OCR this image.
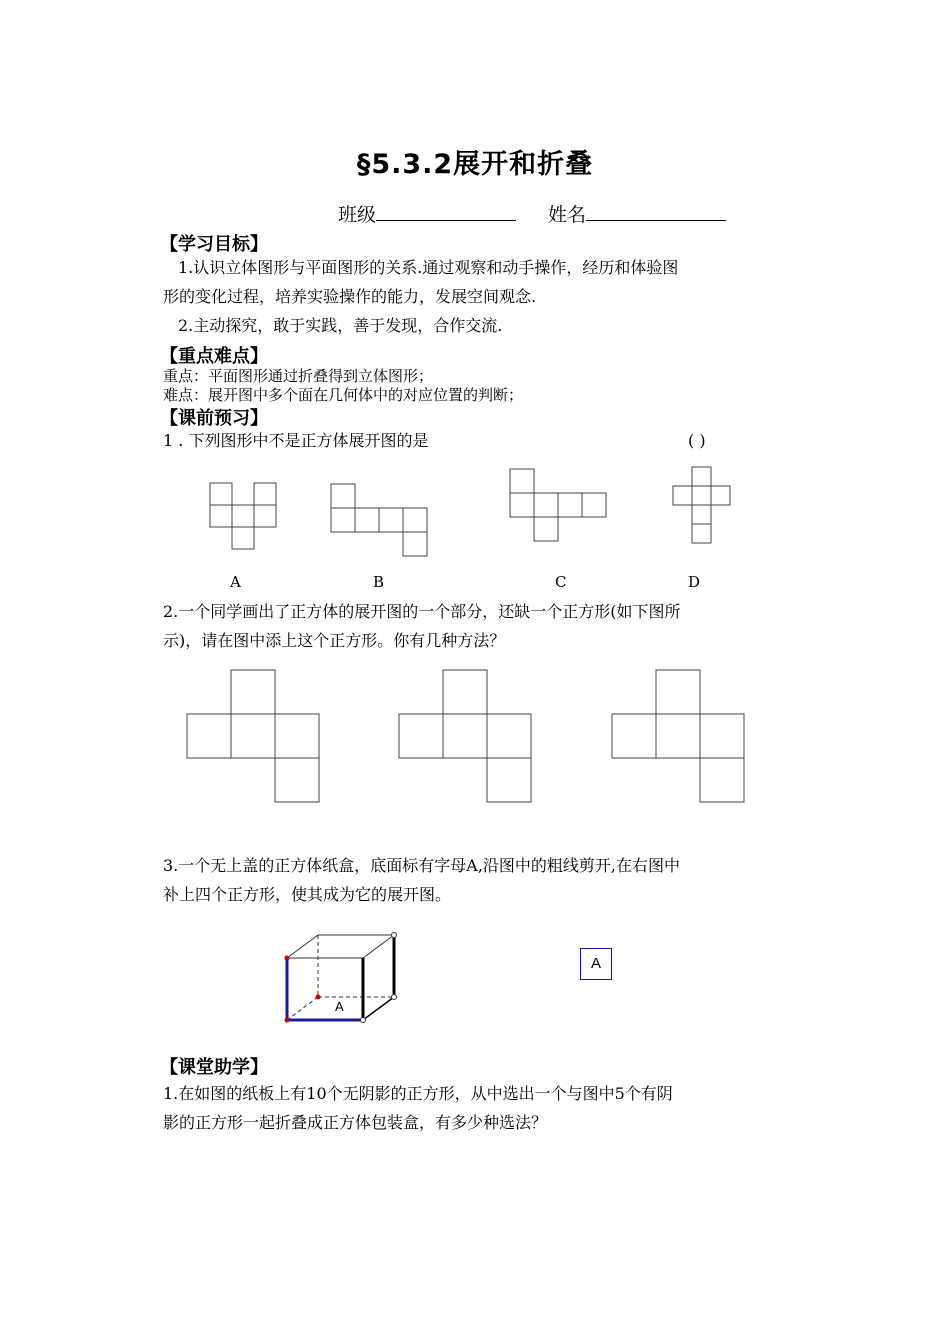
§5.3.2展开和折叠
班级	姓名
【学习目标】
1.认识立体图形与平面图形的关系.通过观察和动手操作，经历和体验图
形的变化过程，培养实验操作的能力，发展空间观念.
2.主动探究，敢于实践，善于发现，合作交流.
【重点难点】
重点：平面图形通过折叠得到立体图形；
难点：展开图中多个面在几何体中的对应位置的判断；
【课前预习】
1 . 下列图形中不是正方体展开图的是	( )
A	B	C	D
2.一个同学画出了正方体的展开图的一个部分，还缺一个正方形(如下图所
示)，请在图中添上这个正方形。你有几种方法？
3.一个无上盖的正方体纸盒，底面标有字母A,沿图中的粗线剪开,在右图中
补上四个正方形，使其成为它的展开图。
A
A
【课堂助学】
1.在如图的纸板上有10个无阴影的正方形，从中选出一个与图中5个有阴
影的正方形一起折叠成正方体包装盒，有多少种选法？
